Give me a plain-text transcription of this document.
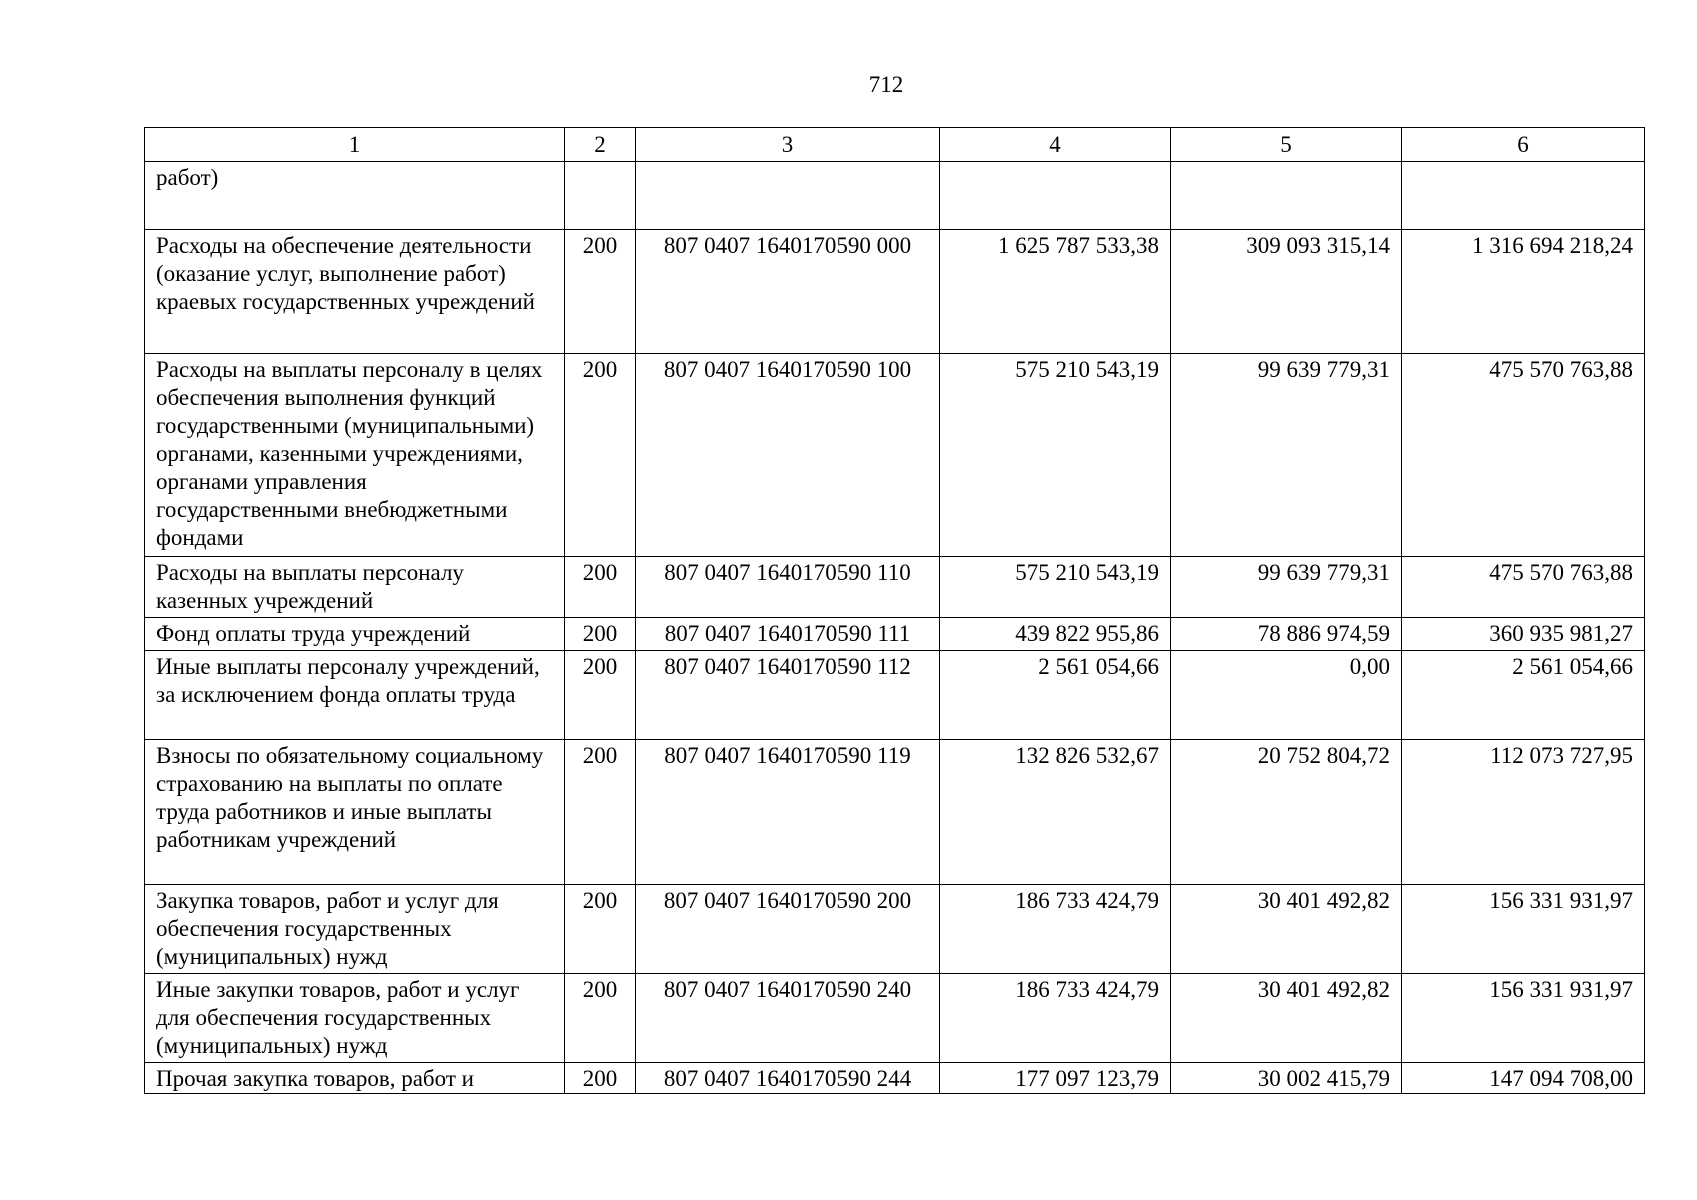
712
1	2	3	4	5	6
работ)					
Расходы на обеспечение деятельности (оказание услуг, выполнение работ) краевых государственных учреждений	200	807 0407 1640170590 000	1 625 787 533,38	309 093 315,14	1 316 694 218,24
Расходы на выплаты персоналу в целях обеспечения выполнения функций государственными (муниципальными) органами, казенными учреждениями, органами управления государственными внебюджетными фондами	200	807 0407 1640170590 100	575 210 543,19	99 639 779,31	475 570 763,88
Расходы на выплаты персоналу казенных учреждений	200	807 0407 1640170590 110	575 210 543,19	99 639 779,31	475 570 763,88
Фонд оплаты труда учреждений	200	807 0407 1640170590 111	439 822 955,86	78 886 974,59	360 935 981,27
Иные выплаты персоналу учреждений, за исключением фонда оплаты труда	200	807 0407 1640170590 112	2 561 054,66	0,00	2 561 054,66
Взносы по обязательному социальному страхованию на выплаты по оплате труда работников и иные выплаты работникам учреждений	200	807 0407 1640170590 119	132 826 532,67	20 752 804,72	112 073 727,95
Закупка товаров, работ и услуг для обеспечения государственных (муниципальных) нужд	200	807 0407 1640170590 200	186 733 424,79	30 401 492,82	156 331 931,97
Иные закупки товаров, работ и услуг для обеспечения государственных (муниципальных) нужд	200	807 0407 1640170590 240	186 733 424,79	30 401 492,82	156 331 931,97
Прочая закупка товаров, работ и	200	807 0407 1640170590 244	177 097 123,79	30 002 415,79	147 094 708,00
